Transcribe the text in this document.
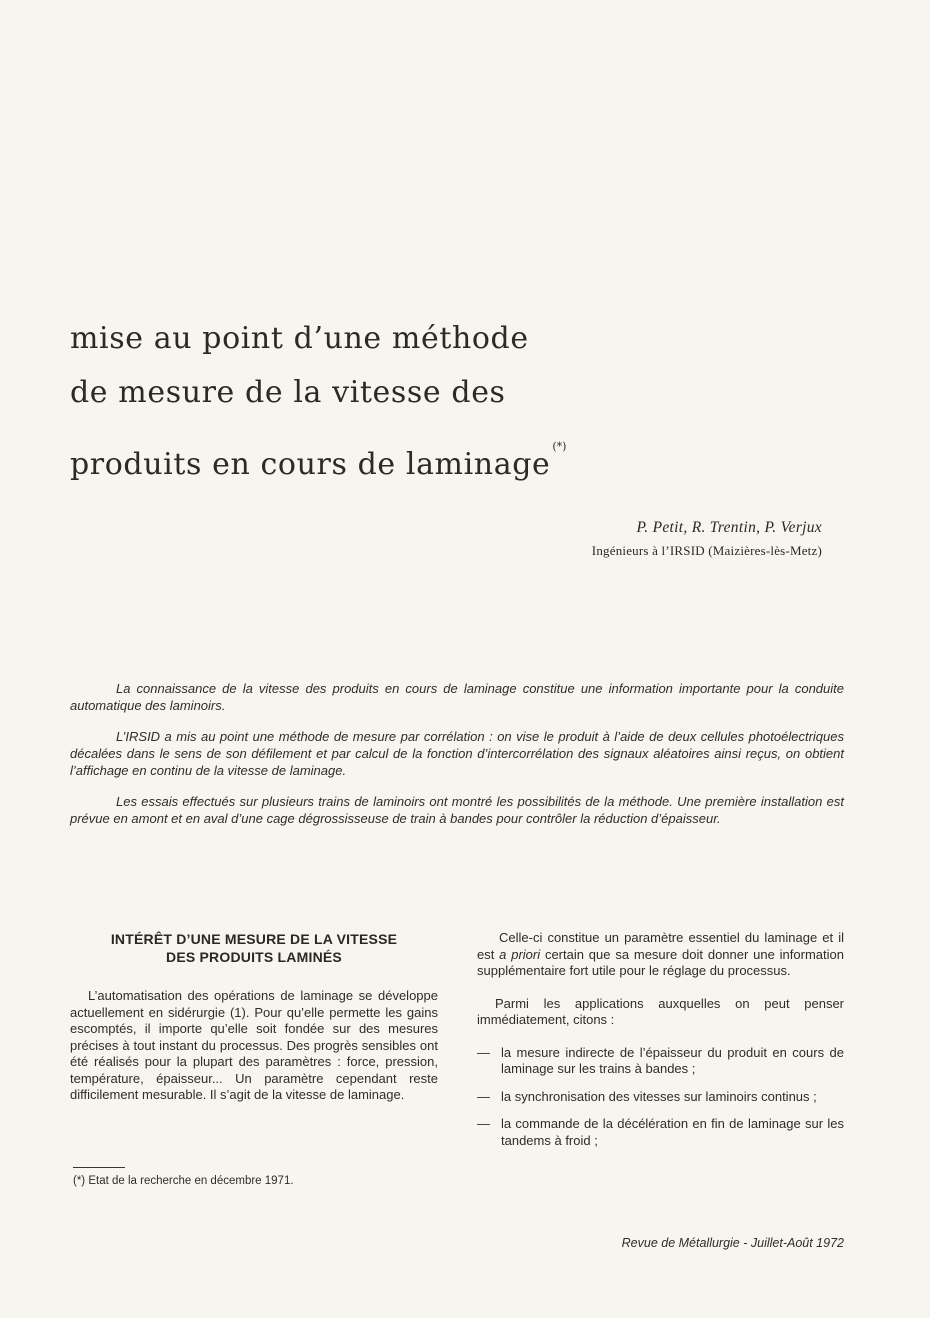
mise au point d’une méthode
de mesure de la vitesse des
produits en cours de laminage(*)
P. Petit, R. Trentin, P. Verjux
Ingénieurs à l’IRSID (Maizières-lès-Metz)

La connaissance de la vitesse des produits en cours de laminage constitue une information importante pour la conduite automatique des laminoirs.

L’IRSID a mis au point une méthode de mesure par corrélation : on vise le produit à l’aide de deux cellules photoélectriques décalées dans le sens de son défilement et par calcul de la fonction d’intercorrélation des signaux aléatoires ainsi reçus, on obtient l’affichage en continu de la vitesse de laminage.

Les essais effectués sur plusieurs trains de laminoirs ont montré les possibilités de la méthode. Une première installation est prévue en amont et en aval d’une cage dégrossisseuse de train à bandes pour contrôler la réduction d’épaisseur.

INTÉRÊT D’UNE MESURE DE LA VITESSE
DES PRODUITS LAMINÉS

L’automatisation des opérations de laminage se développe actuellement en sidérurgie (1). Pour qu’elle permette les gains escomptés, il importe qu’elle soit fondée sur des mesures précises à tout instant du processus. Des progrès sensibles ont été réalisés pour la plupart des paramètres : force, pression, température, épaisseur... Un paramètre cependant reste difficilement mesurable. Il s’agit de la vitesse de laminage.

Celle-ci constitue un paramètre essentiel du laminage et il est a priori certain que sa mesure doit donner une information supplémentaire fort utile pour le réglage du processus.

Parmi les applications auxquelles on peut penser immédiatement, citons :

— la mesure indirecte de l’épaisseur du produit en cours de laminage sur les trains à bandes ;
— la synchronisation des vitesses sur laminoirs continus ;
— la commande de la décélération en fin de laminage sur les tandems à froid ;
(*) Etat de la recherche en décembre 1971.
Revue de Métallurgie - Juillet-Août 1972
